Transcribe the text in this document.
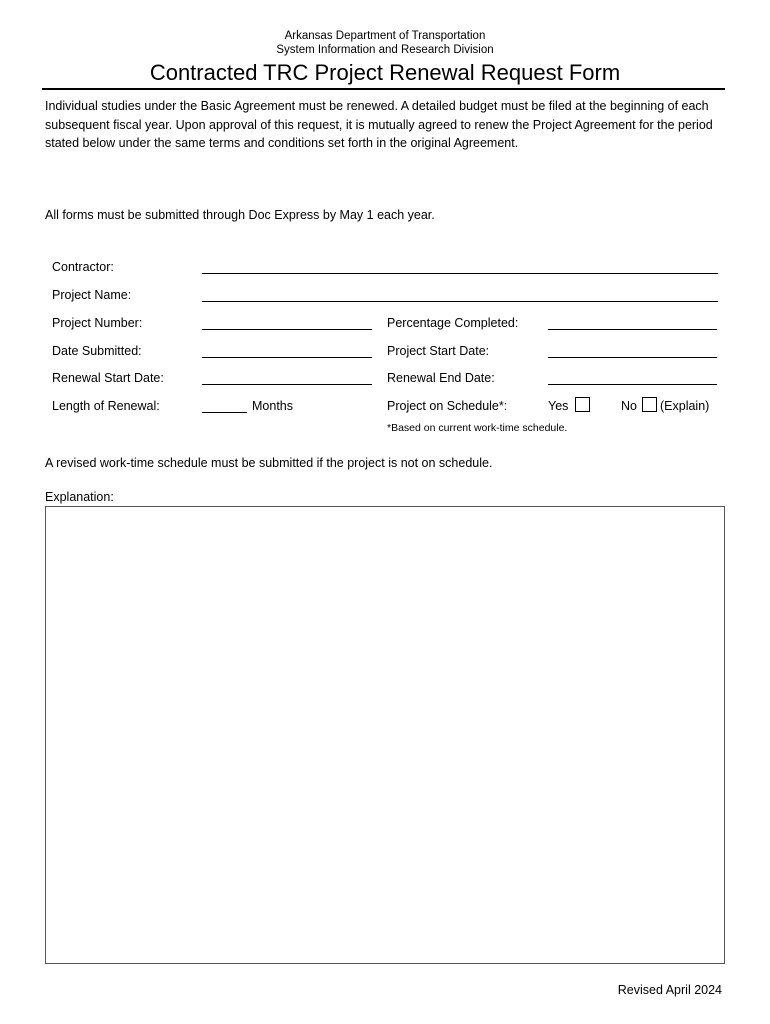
Arkansas Department of Transportation
System Information and Research Division
Contracted TRC Project Renewal Request Form
Individual studies under the Basic Agreement must be renewed. A detailed budget must be filed at the beginning of each subsequent fiscal year. Upon approval of this request, it is mutually agreed to renew the Project Agreement for the period stated below under the same terms and conditions set forth in the original Agreement.
All forms must be submitted through Doc Express by May 1 each year.
Contractor:
Project Name:
Project Number:	Percentage Completed:
Date Submitted:	Project Start Date:
Renewal Start Date:	Renewal End Date:
Length of Renewal:	Months	Project on Schedule*:	Yes	No (Explain)
*Based on current work-time schedule.
A revised work-time schedule must be submitted if the project is not on schedule.
Explanation:
Revised April 2024
